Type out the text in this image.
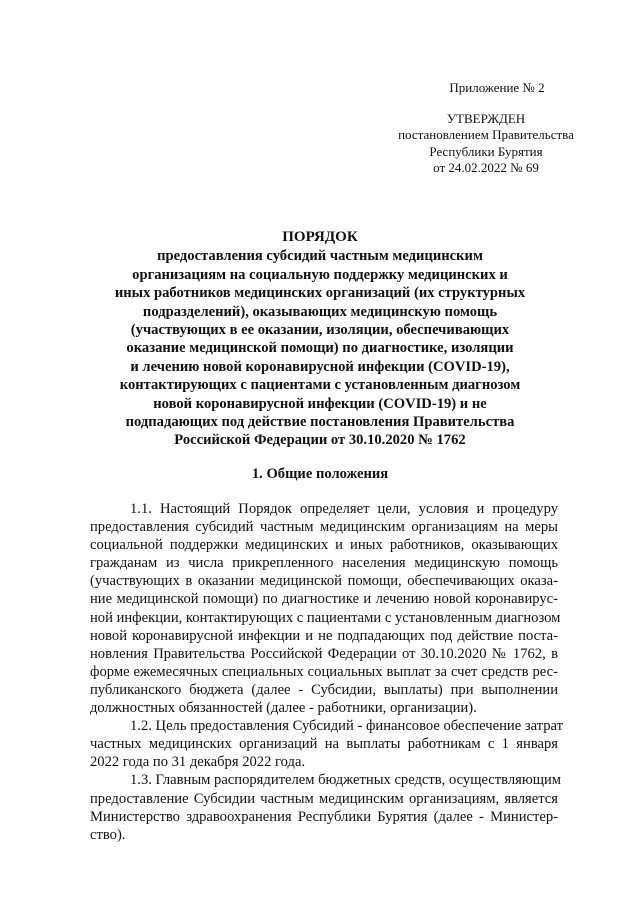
Приложение № 2
УТВЕРЖДЕН
постановлением Правительства
Республики Бурятия
от 24.02.2022 № 69
ПОРЯДОК
предоставления субсидий частным медицинским
организациям на социальную поддержку медицинских и
иных работников медицинских организаций (их структурных
подразделений), оказывающих медицинскую помощь
(участвующих в ее оказании, изоляции, обеспечивающих
оказание медицинской помощи) по диагностике, изоляции
и лечению новой коронавирусной инфекции (COVID-19),
контактирующих с пациентами с установленным диагнозом
новой коронавирусной инфекции (COVID-19) и не
подпадающих под действие постановления Правительства
Российской Федерации от 30.10.2020 № 1762
1. Общие положения
1.1. Настоящий Порядок определяет цели, условия и процедуру
предоставления субсидий частным медицинским организациям на меры
социальной поддержки медицинских и иных работников, оказывающих
гражданам из числа прикрепленного населения медицинскую помощь
(участвующих в оказании медицинской помощи, обеспечивающих оказа-
ние медицинской помощи) по диагностике и лечению новой коронавирус-
ной инфекции, контактирующих с пациентами с установленным диагнозом
новой коронавирусной инфекции и не подпадающих под действие поста-
новления Правительства Российской Федерации от 30.10.2020 № 1762, в
форме ежемесячных специальных социальных выплат за счет средств рес-
публиканского бюджета (далее - Субсидии, выплаты) при выполнении
должностных обязанностей (далее - работники, организации).
1.2. Цель предоставления Субсидий - финансовое обеспечение затрат
частных медицинских организаций на выплаты работникам с 1 января
2022 года по 31 декабря 2022 года.
1.3. Главным распорядителем бюджетных средств, осуществляющим
предоставление Субсидии частным медицинским организациям, является
Министерство здравоохранения Республики Бурятия (далее - Министер-
ство).
